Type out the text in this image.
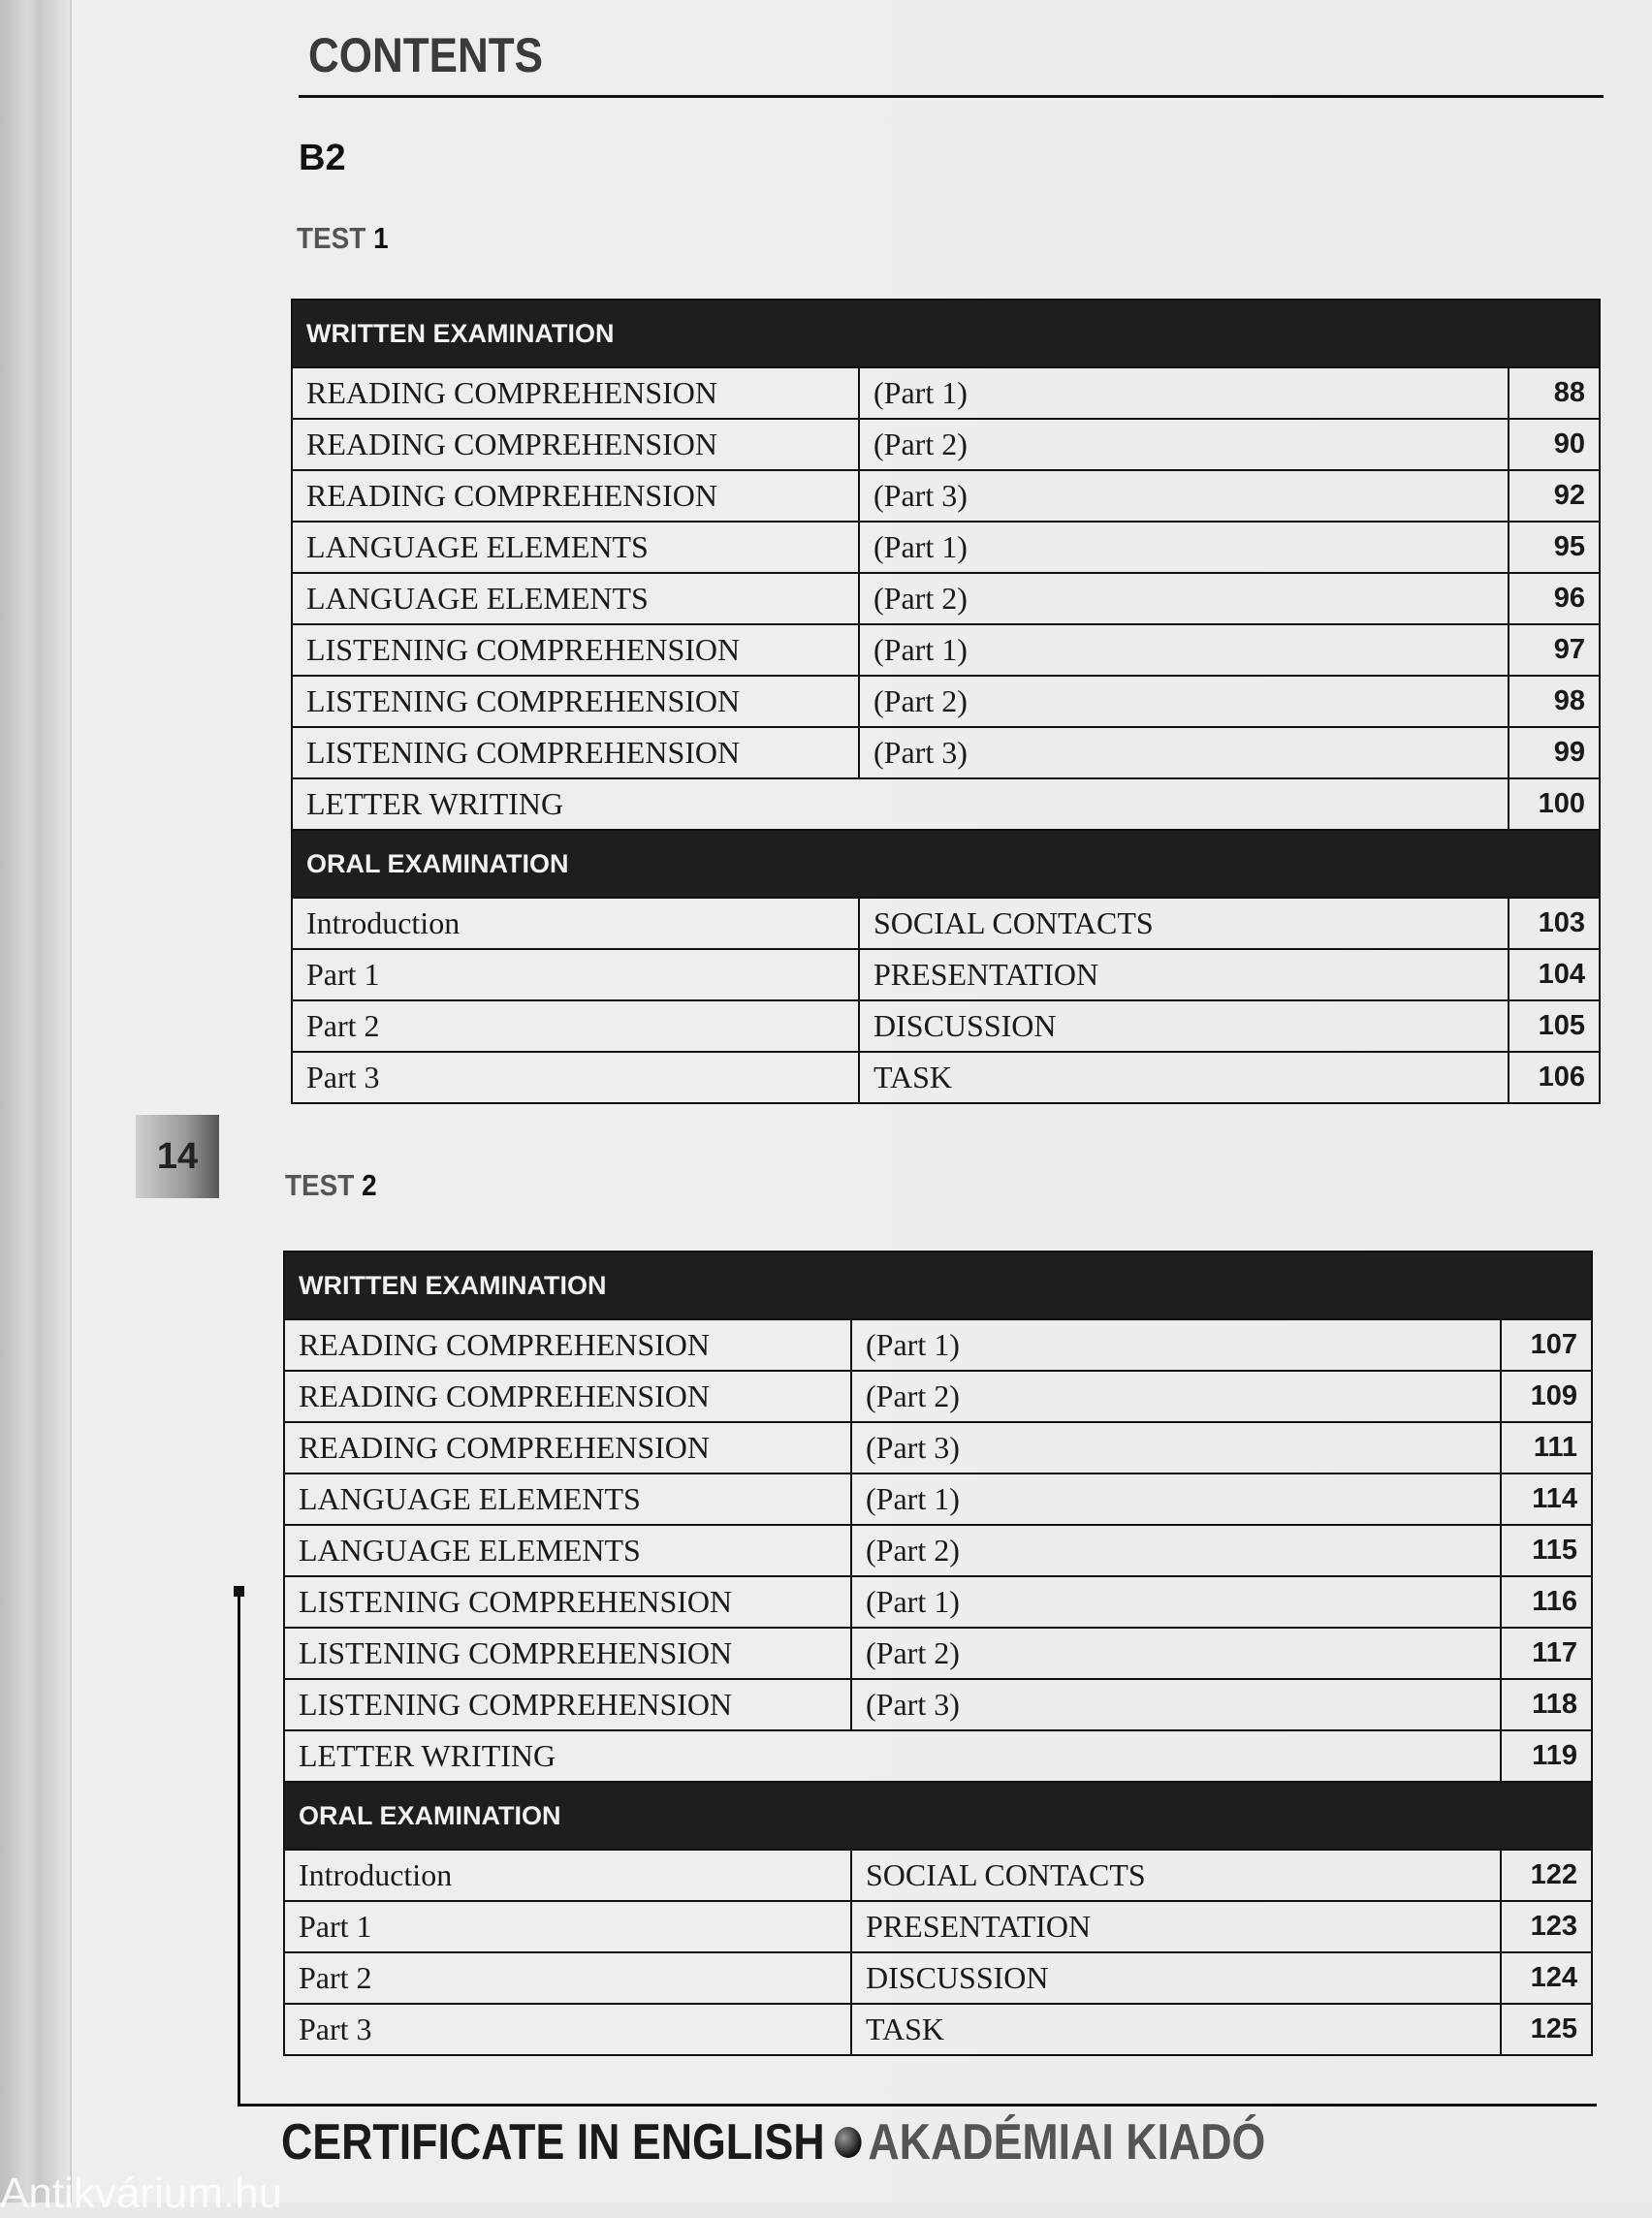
CONTENTS
B2
TEST 1
WRITTEN EXAMINATION		
READING COMPREHENSION	(Part 1)	88
READING COMPREHENSION	(Part 2)	90
READING COMPREHENSION	(Part 3)	92
LANGUAGE ELEMENTS	(Part 1)	95
LANGUAGE ELEMENTS	(Part 2)	96
LISTENING COMPREHENSION	(Part 1)	97
LISTENING COMPREHENSION	(Part 2)	98
LISTENING COMPREHENSION	(Part 3)	99
LETTER WRITING		100
ORAL EXAMINATION		
Introduction	SOCIAL CONTACTS	103
Part 1	PRESENTATION	104
Part 2	DISCUSSION	105
Part 3	TASK	106
14
TEST 2
WRITTEN EXAMINATION		
READING COMPREHENSION	(Part 1)	107
READING COMPREHENSION	(Part 2)	109
READING COMPREHENSION	(Part 3)	111
LANGUAGE ELEMENTS	(Part 1)	114
LANGUAGE ELEMENTS	(Part 2)	115
LISTENING COMPREHENSION	(Part 1)	116
LISTENING COMPREHENSION	(Part 2)	117
LISTENING COMPREHENSION	(Part 3)	118
LETTER WRITING		119
ORAL EXAMINATION		
Introduction	SOCIAL CONTACTS	122
Part 1	PRESENTATION	123
Part 2	DISCUSSION	124
Part 3	TASK	125
CERTIFICATE IN ENGLISH AKADÉMIAI KIADÓ
Antikvárium.hu
